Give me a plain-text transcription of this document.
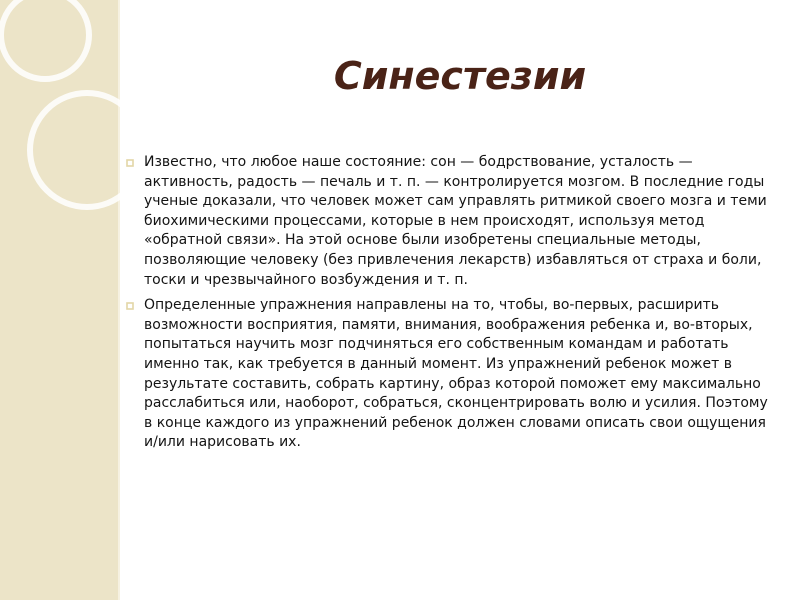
Синестезии

Известно, что любое наше состояние: сон — бодрствование, усталость — активность, радость — печаль и т. п. — контролируется мозгом. В последние годы ученые доказали, что человек может сам управлять ритмикой своего мозга и теми биохимическими процессами, которые в нем происходят, используя метод «обратной связи». На этой основе были изобретены специальные методы, позволяющие человеку (без привлечения лекарств) избавляться от страха и боли, тоски и чрезвычайного возбуждения и т. п.

Определенные упражнения направлены на то, чтобы, во-первых, расширить возможности восприятия, памяти, внимания, воображения ребенка и, во-вторых, попытаться научить мозг подчиняться его собственным командам и работать именно так, как требуется в данный момент. Из упражнений ребенок может в результате составить, собрать картину, образ которой поможет ему максимально расслабиться или, наоборот, собраться, сконцентрировать волю и усилия. Поэтому в конце каждого из упражнений ребенок должен словами описать свои ощущения и/или нарисовать их.
